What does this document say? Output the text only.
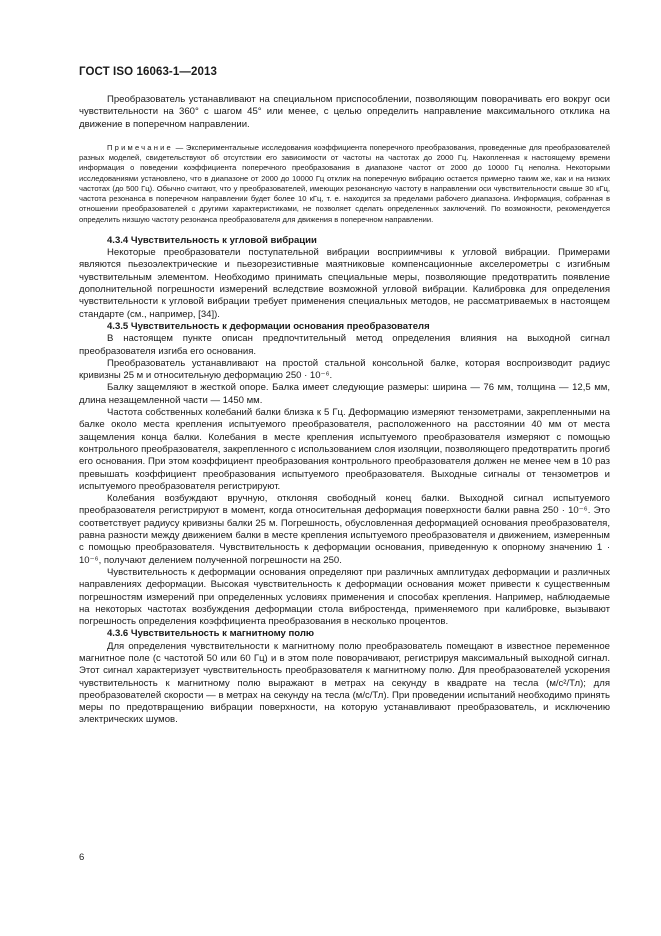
ГОСТ ISO 16063-1—2013

Преобразователь устанавливают на специальном приспособлении, позволяющим поворачивать его вокруг оси чувствительности на 360° с шагом 45° или менее, с целью определить направление максимального отклика на движение в поперечном направлении.

Примечание — Экспериментальные исследования коэффициента поперечного преобразования, проведенные для преобразователей разных моделей, свидетельствуют об отсутствии его зависимости от частоты на частотах до 2000 Гц. Накопленная к настоящему времени информация о поведении коэффициента поперечного преобразования в диапазоне частот от 2000 до 10000 Гц неполна. Некоторыми исследованиями установлено, что в диапазоне от 2000 до 10000 Гц отклик на поперечную вибрацию остается примерно таким же, как и на низких частотах (до 500 Гц). Обычно считают, что у преобразователей, имеющих резонансную частоту в направлении оси чувствительности свыше 30 кГц, частота резонанса в поперечном направлении будет более 10 кГц, т. е. находится за пределами рабочего диапазона. Информация, собранная в отношении преобразователей с другими характеристиками, не позволяет сделать определенных заключений. По возможности, рекомендуется определить низшую частоту резонанса преобразователя для движения в поперечном направлении.

4.3.4 Чувствительность к угловой вибрации

Некоторые преобразователи поступательной вибрации восприимчивы к угловой вибрации. Примерами являются пьезоэлектрические и пьезорезистивные маятниковые компенсационные акселерометры с изгибным чувствительным элементом. Необходимо принимать специальные меры, позволяющие предотвратить появление дополнительной погрешности измерений вследствие возможной угловой вибрации. Калибровка для определения чувствительности к угловой вибрации требует применения специальных методов, не рассматриваемых в настоящем стандарте (см., например, [34]).

4.3.5 Чувствительность к деформации основания преобразователя

В настоящем пункте описан предпочтительный метод определения влияния на выходной сигнал преобразователя изгиба его основания.

Преобразователь устанавливают на простой стальной консольной балке, которая воспроизводит радиус кривизны 25 м и относительную деформацию 250 · 10⁻⁶.

Балку защемляют в жесткой опоре. Балка имеет следующие размеры: ширина — 76 мм, толщина — 12,5 мм, длина незащемленной части — 1450 мм.

Частота собственных колебаний балки близка к 5 Гц. Деформацию измеряют тензометрами, закрепленными на балке около места крепления испытуемого преобразователя, расположенного на расстоянии 40 мм от места защемления конца балки. Колебания в месте крепления испытуемого преобразователя измеряют с помощью контрольного преобразователя, закрепленного с использованием слоя изоляции, позволяющего предотвратить прогиб его основания. При этом коэффициент преобразования контрольного преобразователя должен не менее чем в 10 раз превышать коэффициент преобразования испытуемого преобразователя. Выходные сигналы от тензометров и испытуемого преобразователя регистрируют.

Колебания возбуждают вручную, отклоняя свободный конец балки. Выходной сигнал испытуемого преобразователя регистрируют в момент, когда относительная деформация поверхности балки равна 250 · 10⁻⁶. Это соответствует радиусу кривизны балки 25 м. Погрешность, обусловленная деформацией основания преобразователя, равна разности между движением балки в месте крепления испытуемого преобразователя и движением, измеренным с помощью преобразователя. Чувствительность к деформации основания, приведенную к опорному значению 1 · 10⁻⁶, получают делением полученной погрешности на 250.

Чувствительность к деформации основания определяют при различных амплитудах деформации и различных направлениях деформации. Высокая чувствительность к деформации основания может привести к существенным погрешностям измерений при определенных условиях применения и способах крепления. Например, наблюдаемые на некоторых частотах возбуждения деформации стола вибростенда, применяемого при калибровке, вызывают погрешность определения коэффициента преобразования в несколько процентов.

4.3.6 Чувствительность к магнитному полю

Для определения чувствительности к магнитному полю преобразователь помещают в известное переменное магнитное поле (с частотой 50 или 60 Гц) и в этом поле поворачивают, регистрируя максимальный выходной сигнал. Этот сигнал характеризует чувствительность преобразователя к магнитному полю. Для преобразователей ускорения чувствительность к магнитному полю выражают в метрах на секунду в квадрате на тесла (м/с²/Тл); для преобразователей скорости — в метрах на секунду на тесла (м/с/Тл). При проведении испытаний необходимо принять меры по предотвращению вибрации поверхности, на которую устанавливают преобразователь, и исключению электрических шумов.

6
